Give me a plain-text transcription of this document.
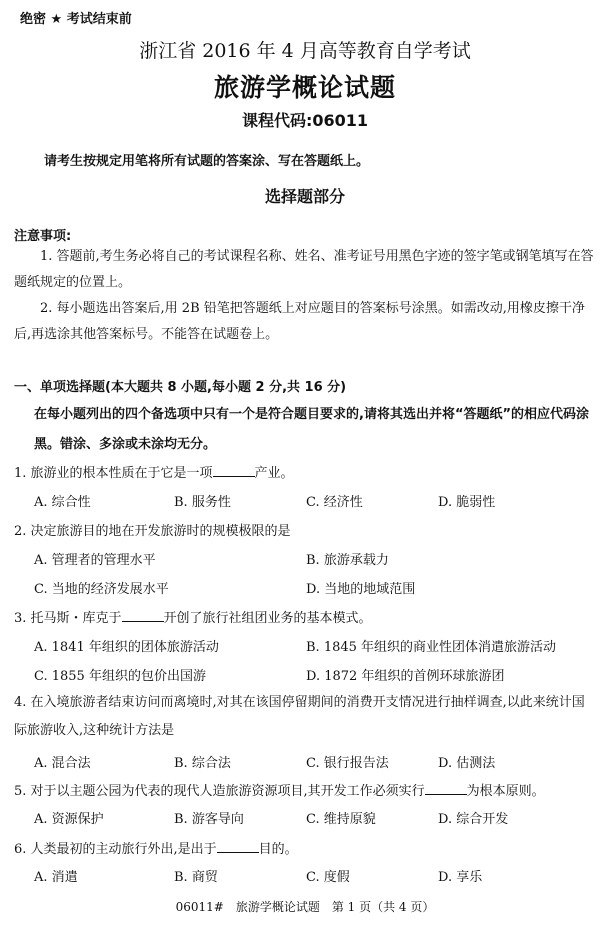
绝密 ★ 考试结束前
浙江省 2016 年 4 月高等教育自学考试
旅游学概论试题
课程代码:06011
请考生按规定用笔将所有试题的答案涂、写在答题纸上。
选择题部分
注意事项:
1. 答题前,考生务必将自己的考试课程名称、姓名、准考证号用黑色字迹的签字笔或钢笔填写在答题纸规定的位置上。
2. 每小题选出答案后,用 2B 铅笔把答题纸上对应题目的答案标号涂黑。如需改动,用橡皮擦干净后,再选涂其他答案标号。不能答在试题卷上。
一、单项选择题(本大题共 8 小题,每小题 2 分,共 16 分)
在每小题列出的四个备选项中只有一个是符合题目要求的,请将其选出并将“答题纸”的相应代码涂黑。错涂、多涂或未涂均无分。
1. 旅游业的根本性质在于它是一项	产业。
A. 综合性	B. 服务性	C. 经济性	D. 脆弱性
2. 决定旅游目的地在开发旅游时的规模极限的是
A. 管理者的管理水平	B. 旅游承载力
C. 当地的经济发展水平	D. 当地的地域范围
3. 托马斯・库克于	开创了旅行社组团业务的基本模式。
A. 1841 年组织的团体旅游活动	B. 1845 年组织的商业性团体消遣旅游活动
C. 1855 年组织的包价出国游	D. 1872 年组织的首例环球旅游团
4. 在入境旅游者结束访问而离境时,对其在该国停留期间的消费开支情况进行抽样调查,以此来统计国际旅游收入,这种统计方法是
A. 混合法	B. 综合法	C. 银行报告法	D. 估测法
5. 对于以主题公园为代表的现代人造旅游资源项目,其开发工作必须实行	为根本原则。
A. 资源保护	B. 游客导向	C. 维持原貌	D. 综合开发
6. 人类最初的主动旅行外出,是出于	目的。
A. 消遣	B. 商贸	C. 度假	D. 享乐
06011#　旅游学概论试题　第 1 页（共 4 页）
